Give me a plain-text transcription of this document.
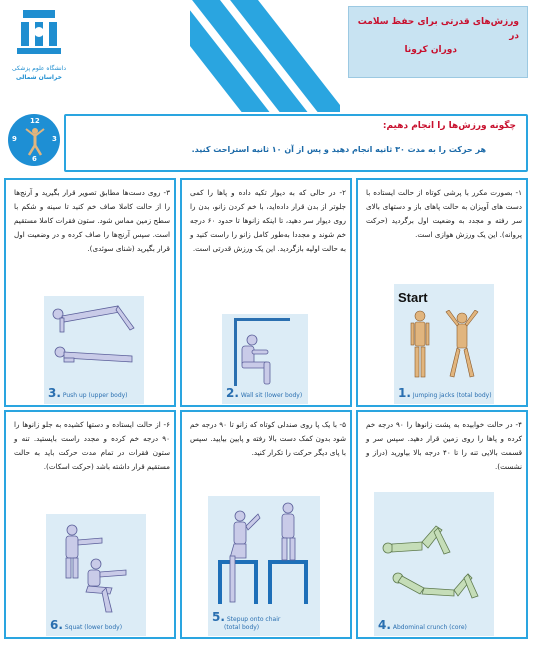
دانشگاه علوم پزشکی
خراسان شمالی
ورزش‌های قدرتی برای حفظ سلامت در
دوران کرونا
12
3
6
9
چگونه ورزش‌ها را انجام دهیم:
هر حرکت را به مدت ۳۰ ثانیه انجام دهید و پس از آن ۱۰ ثانیه استراحت کنید.
۱- بصورت مکرر با پرشی کوتاه از حالت ایستاده با دست های آویزان به حالت پاهای باز و دستهای بالای سر رفته و مجدد به وضعیت اول برگردید (حرکت پروانه). این یک ورزش هوازی است.
Start
1. Jumping jacks (total body)
۲- در حالی که به دیوار تکیه داده و پاها را کمی جلوتر از بدن قرار داده‌اید، با خم کردن زانو، بدن را روی دیوار سر دهید، تا اینکه زانوها تا حدود ۶۰ درجه خم شوند و مجددا به‌طور کامل زانو را راست کنید و به حالت اولیه بازگردید. این یک ورزش قدرتی است.
2. Wall sit (lower body)
۳- روی دست‌ها مطابق تصویر قرار بگیرید و آرنج‌ها را از حالت کاملا صاف خم کنید تا سینه و شکم با سطح زمین مماس شود. ستون فقرات کاملا مستقیم است. سپس آرنج‌ها را صاف کرده و در وضعیت اول قرار بگیرید (شنای سوئدی).
3. Push up (upper body)
۴- در حالت خوابیده به پشت زانوها را ۹۰ درجه خم کرده و پاها را روی زمین قرار دهید. سپس سر و قسمت بالایی تنه را تا ۴۰ درجه بالا بیاورید (دراز و نشست).
4. Abdominal crunch (core)
۵- با یک پا روی صندلی کوتاه که زانو تا ۹۰ درجه خم شود بدون کمک دست بالا رفته و پایین بیایید. سپس با پای دیگر حرکت را تکرار کنید.
5. Stepup onto chair
(total body)
۶- از حالت ایستاده و دستها کشیده به جلو زانوها را ۹۰ درجه خم کرده و مجدد راست بایستید. تنه و ستون فقرات در تمام مدت حرکت باید به حالت مستقیم قرار داشته باشد (حرکت اسکات).
6. Squat (lower body)
